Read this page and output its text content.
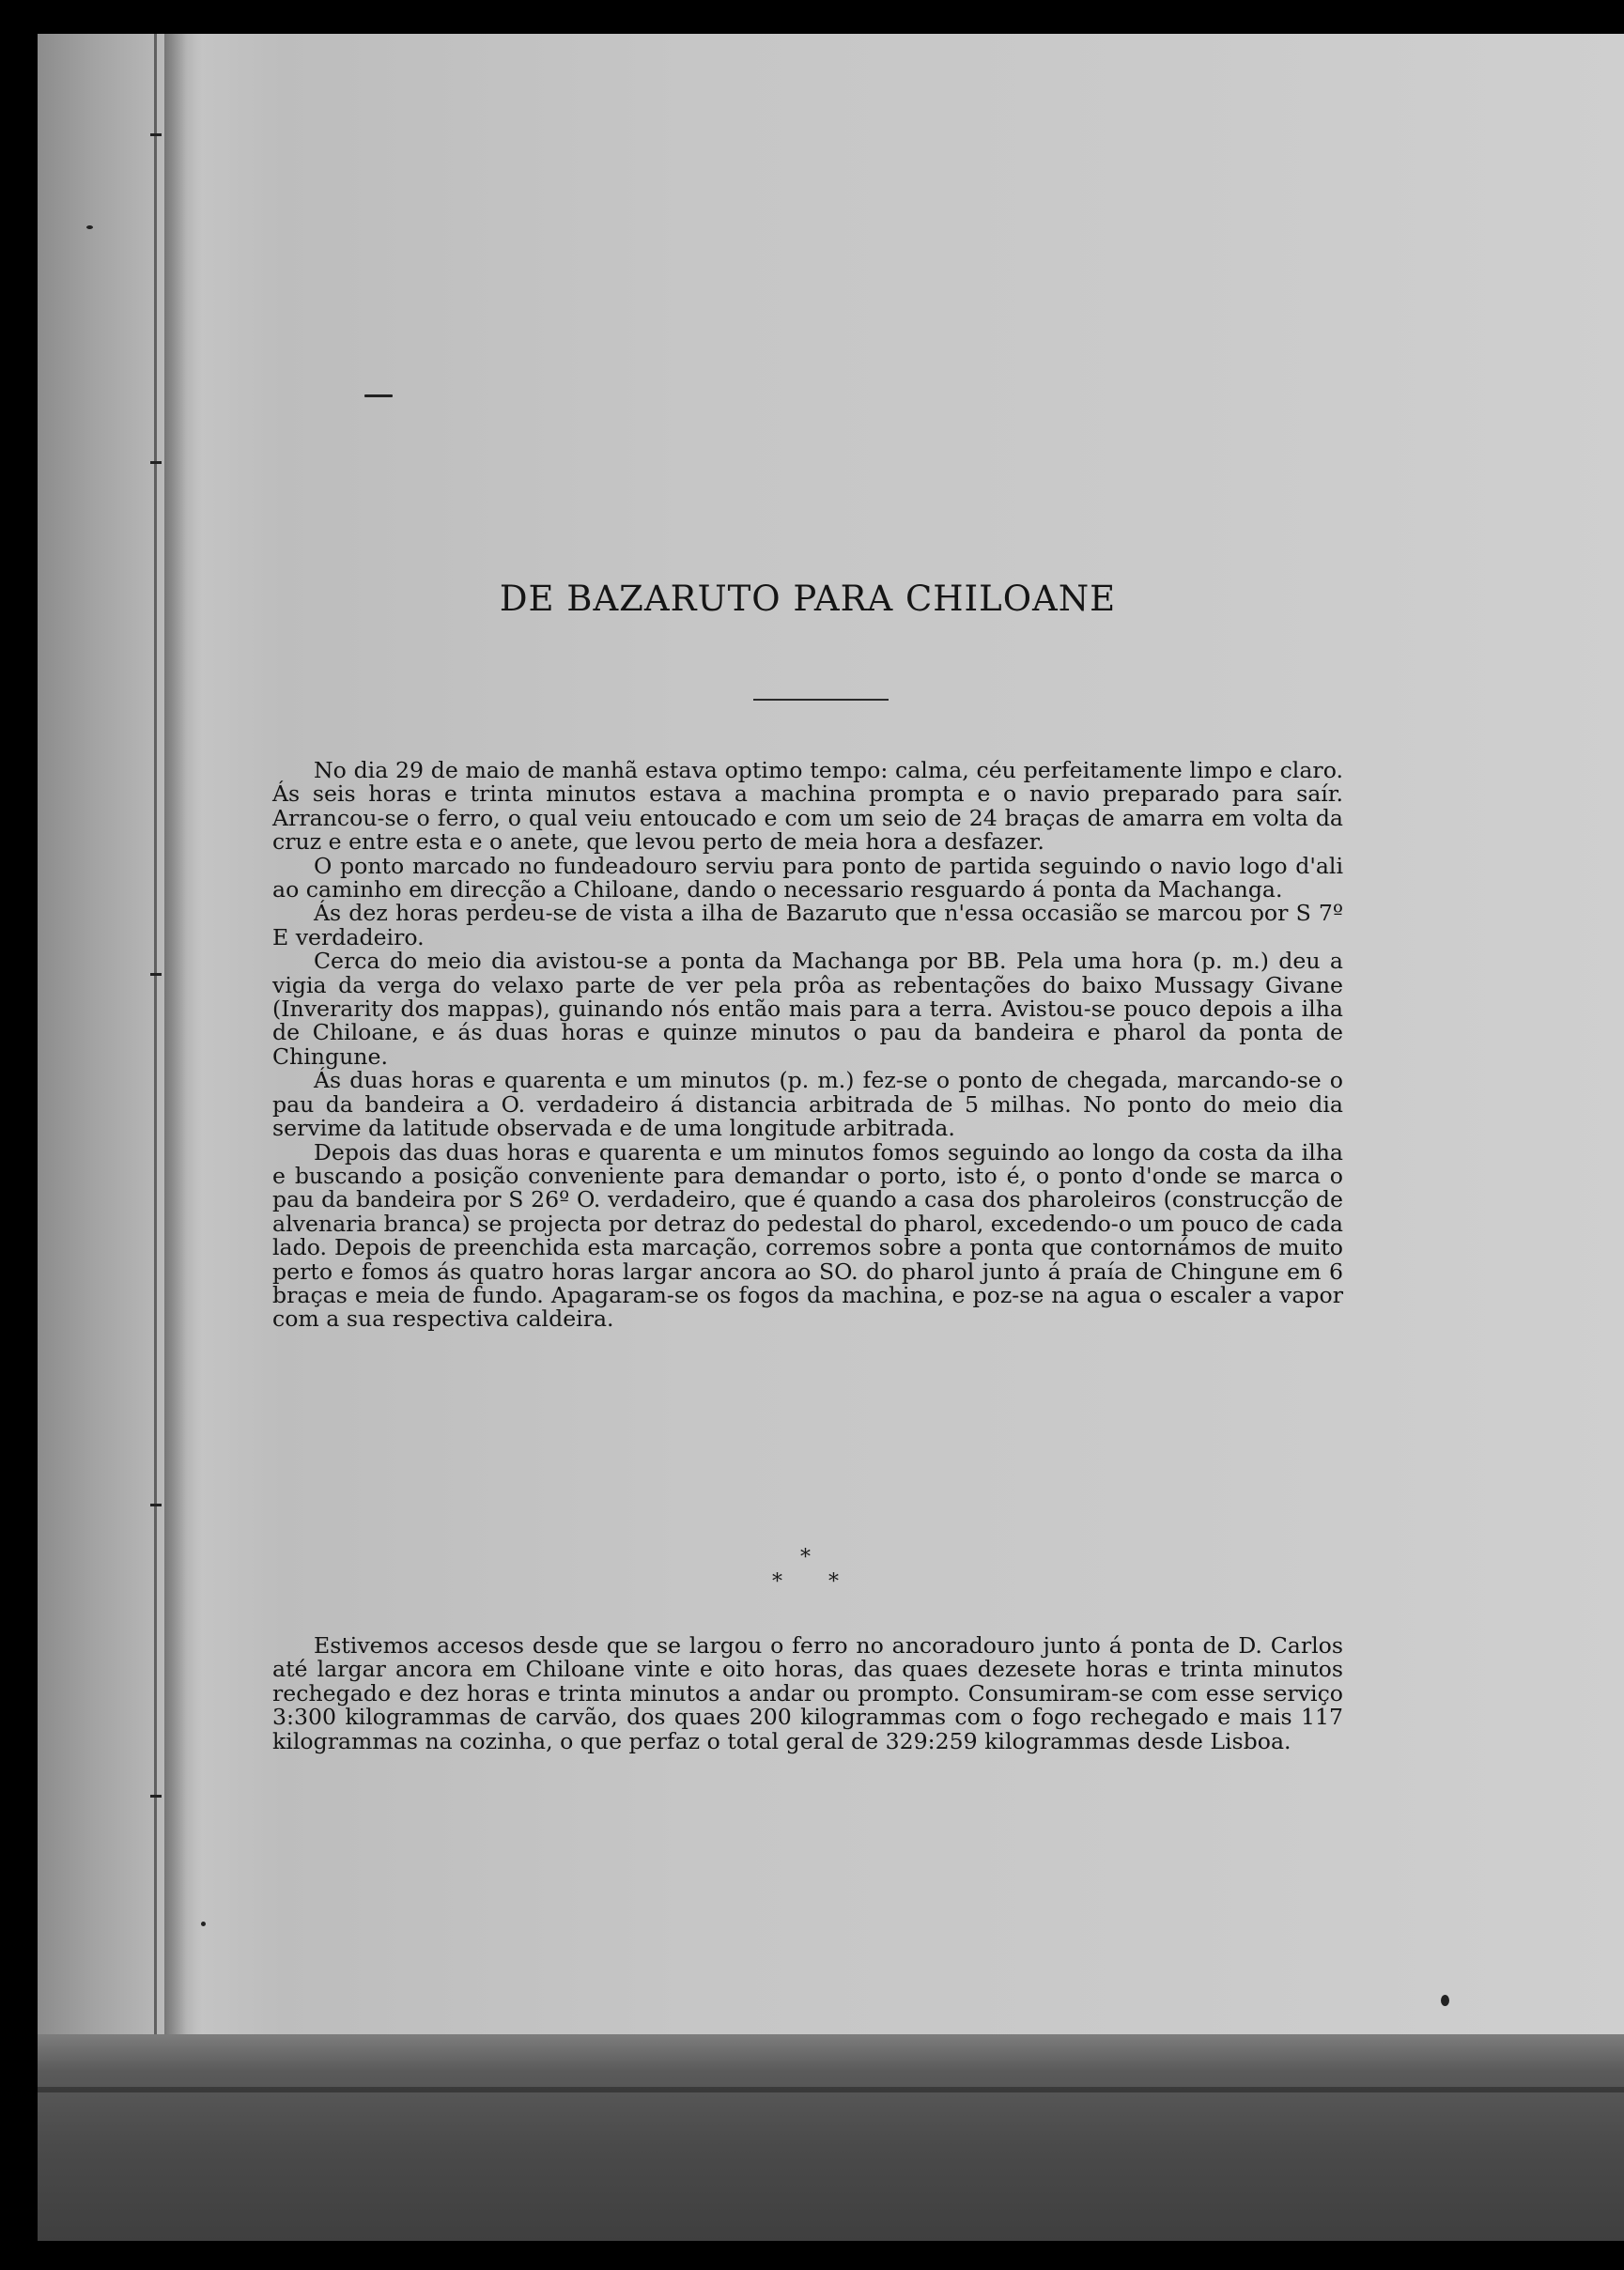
DE BAZARUTO PARA CHILOANE

No dia 29 de maio de manhã estava optimo tempo: calma, céu perfeitamente limpo e claro. Ás seis horas e trinta minutos estava a machina prompta e o navio preparado para saír. Arrancou-se o ferro, o qual veiu entoucado e com um seio de 24 braças de amarra em volta da cruz e entre esta e o anete, que levou perto de meia hora a desfazer.

O ponto marcado no fundeadouro serviu para ponto de partida seguindo o navio logo d'ali ao caminho em direcção a Chiloane, dando o necessario resguardo á ponta da Machanga.

Ás dez horas perdeu-se de vista a ilha de Bazaruto que n'essa occasião se marcou por S 7º E verdadeiro.

Cerca do meio dia avistou-se a ponta da Machanga por BB. Pela uma hora (p. m.) deu a vigia da verga do velaxo parte de ver pela prôa as rebentações do baixo Mussagy Givane (Inverarity dos mappas), guinando nós então mais para a terra. Avistou-se pouco depois a ilha de Chiloane, e ás duas horas e quinze minutos o pau da bandeira e pharol da ponta de Chingune.

Ás duas horas e quarenta e um minutos (p. m.) fez-se o ponto de chegada, marcando-se o pau da bandeira a O. verdadeiro á distancia arbitrada de 5 milhas. No ponto do meio dia servime da latitude observada e de uma longitude arbitrada.

Depois das duas horas e quarenta e um minutos fomos seguindo ao longo da costa da ilha e buscando a posição conveniente para demandar o porto, isto é, o ponto d'onde se marca o pau da bandeira por S 26º O. verdadeiro, que é quando a casa dos pharoleiros (construcção de alvenaria branca) se projecta por detraz do pedestal do pharol, excedendo-o um pouco de cada lado. Depois de preenchida esta marcação, corremos sobre a ponta que contornámos de muito perto e fomos ás quatro horas largar ancora ao SO. do pharol junto á praía de Chingune em 6 braças e meia de fundo. Apagaram-se os fogos da machina, e poz-se na agua o escaler a vapor com a sua respectiva caldeira.

*
* *

Estivemos accesos desde que se largou o ferro no ancoradouro junto á ponta de D. Carlos até largar ancora em Chiloane vinte e oito horas, das quaes dezesete horas e trinta minutos rechegado e dez horas e trinta minutos a andar ou prompto. Consumiram-se com esse serviço 3:300 kilogrammas de carvão, dos quaes 200 kilogrammas com o fogo rechegado e mais 117 kilogrammas na cozinha, o que perfaz o total geral de 329:259 kilogrammas desde Lisboa.
